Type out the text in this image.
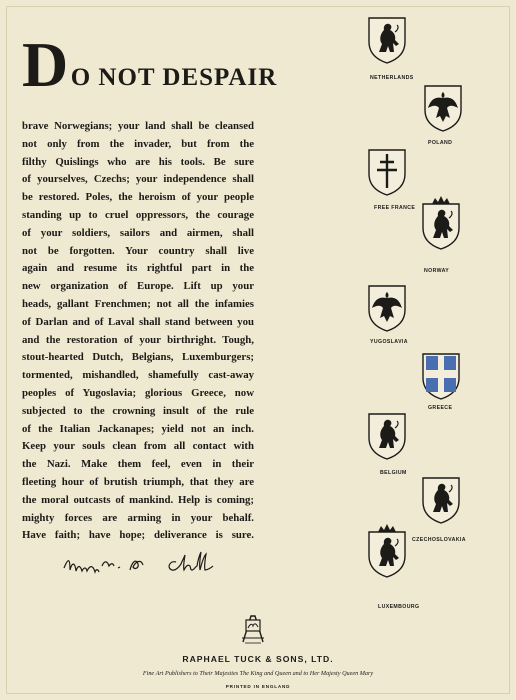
DO NOT DESPAIR

brave Norwegians; your land shall be cleansed

not only from the invader, but from the

filthy Quislings who are his tools. Be sure

of yourselves, Czechs; your independence shall

be restored. Poles, the heroism of your people

standing up to cruel oppressors, the courage

of your soldiers, sailors and airmen, shall

not be forgotten. Your country shall live

again and resume its rightful part in the

new organization of Europe. Lift up your

heads, gallant Frenchmen; not all the infamies

of Darlan and of Laval shall stand between you

and the restoration of your birthright. Tough,

stout-hearted Dutch, Belgians, Luxemburgers;

tormented, mishandled, shamefully cast-away

peoples of Yugoslavia; glorious Greece, now

subjected to the crowning insult of the rule

of the Italian Jackanapes; yield not an inch.

Keep your souls clean from all contact with

the Nazi. Make them feel, even in their

fleeting hour of brutish triumph, that they are

the moral outcasts of mankind. Help is coming;

mighty forces are arming in your behalf.

Have faith; have hope; deliverance is sure.

NETHERLANDS
POLAND
FREE FRANCE
NORWAY
YUGOSLAVIA
GREECE
BELGIUM
CZECHOSLOVAKIA
LUXEMBOURG
RAPHAEL TUCK & SONS, LTD.
Fine Art Publishers to Their Majesties The King and Queen and to Her Majesty Queen Mary
PRINTED IN ENGLAND
